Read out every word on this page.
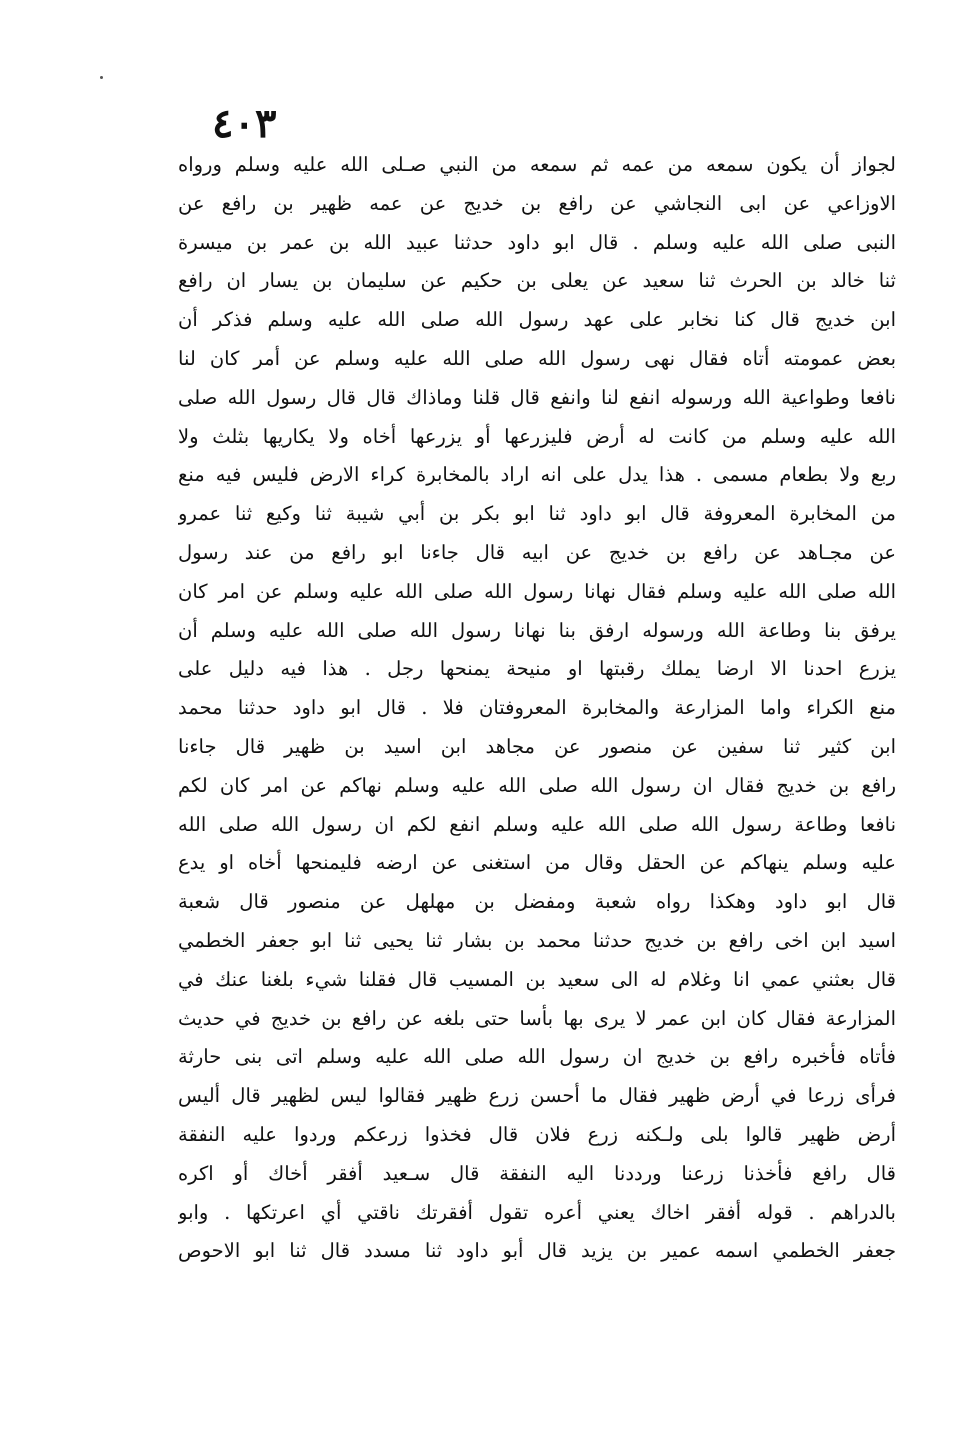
٤٠٣
لجواز أن يكون سمعه من عمه ثم سمعه من النبي صـلى الله عليه وسلم ورواه
الاوزاعي عن ابى النجاشي عن رافع بن خديج عن عمه ظهير بن رافع عن
النبى صلى الله عليه وسلم . قال ابو داود حدثنا عبيد الله بن عمر بن ميسرة
ثنا خالد بن الحرث ثنا سعيد عن يعلى بن حكيم عن سليمان بن يسار ان رافع
ابن خديج قال كنا نخابر على عهد رسول الله صلى الله عليه وسلم فذكر أن
بعض عمومته أتاه فقال نهى رسول الله صلى الله عليه وسلم عن أمر كان لنا
نافعا وطواعية الله ورسوله انفع لنا وانفع قال قلنا وماذاك قال قال رسول الله صلى
الله عليه وسلم من كانت له أرض فليزرعها أو يزرعها أخاه ولا يكاريها بثلث ولا
ربع ولا بطعام مسمى . هذا يدل على انه اراد بالمخابرة كراء الارض فليس فيه منع
من المخابرة المعروفة قال ابو داود ثنا ابو بكر بن أبي شيبة ثنا وكيع ثنا عمرو
عن مجـاهد عن رافع بن خديج عن ابيه قال جاءنا ابو رافع من عند رسول
الله صلى الله عليه وسلم فقال نهانا رسول الله صلى الله عليه وسلم عن امر كان
يرفق بنا وطاعة الله ورسوله ارفق بنا نهانا رسول الله صلى الله عليه وسلم أن
يزرع احدنا الا ارضا يملك رقبتها او منيحة يمنحها رجل . هذا فيه دليل على
منع الكراء واما المزارعة والمخابرة المعروفتان فلا . قال ابو داود حدثنا محمد
ابن كثير ثنا سفين عن منصور عن مجاهد ابن اسيد بن ظهير قال جاءنا
رافع بن خديج فقال ان رسول الله صلى الله عليه وسلم نهاكم عن امر كان لكم
نافعا وطاعة رسول الله صلى الله عليه وسلم انفع لكم ان رسول الله صلى الله
عليه وسلم ينهاكم عن الحقل وقال من استغنى عن ارضه فليمنحها أخاه او يدع
قال ابو داود وهكذا رواه شعبة ومفضل بن مهلهل عن منصور قال شعبة
اسيد ابن اخى رافع بن خديج حدثنا محمد بن بشار ثنا يحيى ثنا ابو جعفر الخطمي
قال بعثني عمي انا وغلام له الى سعيد بن المسيب قال فقلنا شيء بلغنا عنك في
المزارعة فقال كان ابن عمر لا يرى بها بأسا حتى بلغه عن رافع بن خديج في حديث
فأتاه فأخبره رافع بن خديج ان رسول الله صلى الله عليه وسلم اتى بنى حارثة
فرأى زرعا في أرض ظهير فقال ما أحسن زرع ظهير فقالوا ليس لظهير قال أليس
أرض ظهير قالوا بلى ولـكنه زرع فلان قال فخذوا زرعكم وردوا عليه النفقة
قال رافع فأخذنا زرعنا ورددنا اليه النفقة قال سـعيد أفقر أخاك أو اكره
بالدراهم . قوله أفقر اخاك يعني أعره تقول أفقرتك ناقتي أي اعرتكها . وابو
جعفر الخطمي اسمه عمير بن يزيد قال أبو داود ثنا مسدد قال ثنا ابو الاحوص
